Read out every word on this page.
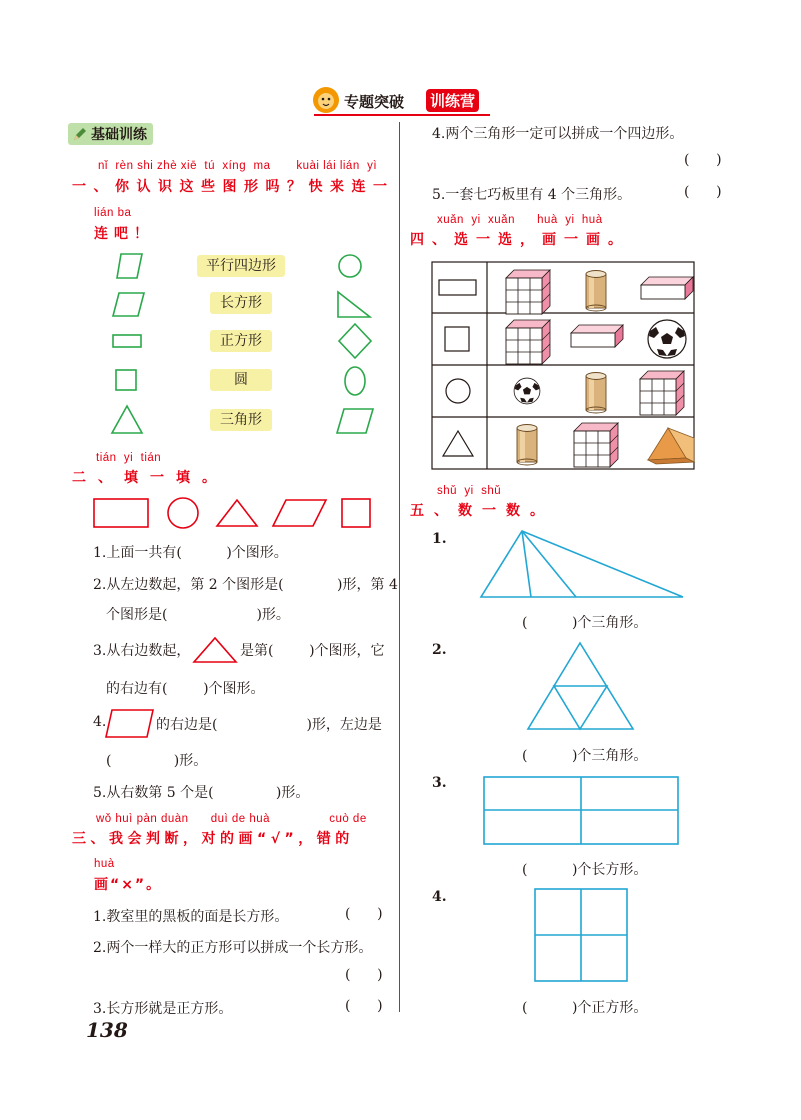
专题突破 训练营
基础训练
nǐ  rèn shi zhè xiē  tú  xíng  ma       kuài lái lián  yì
一、你认识这些图形吗？快来连一
lián ba
连吧！
平行四边形
长方形
正方形
圆
三角形
tián  yi  tián
二、填一填。
1.上面一共有(          )个图形。
2.从左边数起，第 2 个图形是(            )形，第 4
个图形是(                    )形。
3.从右边数起，	是第(        )个图形，它
的右边有(        )个图形。
4.	的右边是(                    )形，左边是
(              )形。
5.从右数第 5 个是(              )形。
wǒ huì pàn duàn      duì de huà                cuò de
三、我会判断，对的画“√”，错的
huà
画“×”。
1.教室里的黑板的面是长方形。	(      )
2.两个一样大的正方形可以拼成一个长方形。
(      )
3.长方形就是正方形。	(      )
4.两个三角形一定可以拼成一个四边形。
(      )
5.一套七巧板里有 4 个三角形。	(      )
138
xuǎn  yi  xuǎn      huà  yi  huà
四、选一选，画一画。
shǔ  yi  shǔ
五、数一数。
1.
(          )个三角形。
2.
(          )个三角形。
3.
(          )个长方形。
4.
(          )个正方形。
